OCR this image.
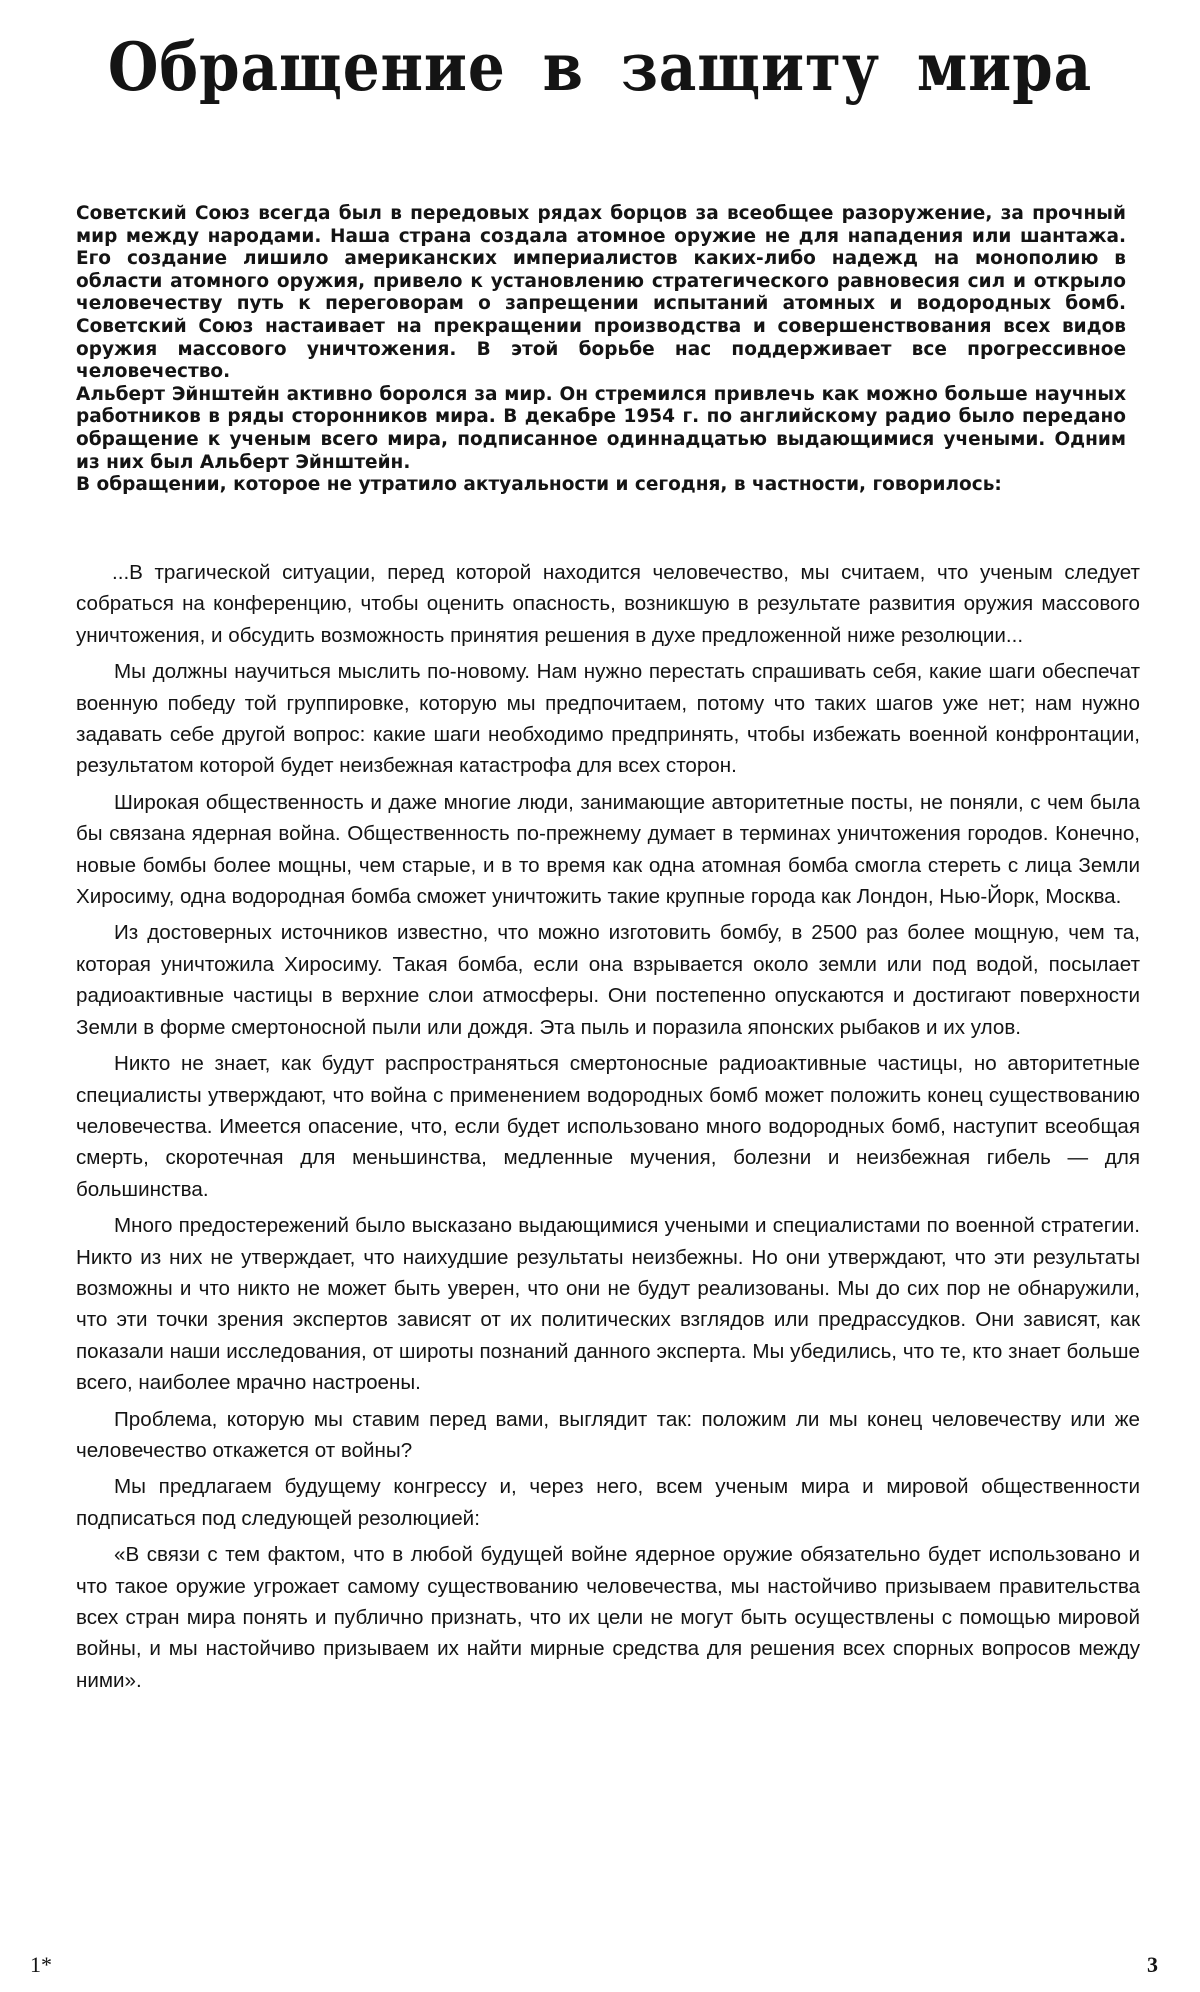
Обращение в защиту мира

Советский Союз всегда был в передовых рядах борцов за всеобщее разоружение, за прочный мир между народами. Наша страна создала атомное оружие не для нападения или шантажа. Его создание лишило американских империалистов каких-либо надежд на монополию в области атомного оружия, привело к установлению стратегического равновесия сил и открыло человечеству путь к переговорам о запрещении испытаний атомных и водородных бомб. Советский Союз настаивает на прекращении производства и совершенствования всех видов оружия массового уничтожения. В этой борьбе нас поддерживает все прогрессивное человечество.

Альберт Эйнштейн активно боролся за мир. Он стремился привлечь как можно больше научных работников в ряды сторонников мира. В декабре 1954 г. по английскому радио было передано обращение к ученым всего мира, подписанное одиннадцатью выдающимися учеными. Одним из них был Альберт Эйнштейн.

В обращении, которое не утратило актуальности и сегодня, в частности, говорилось:

...В трагической ситуации, перед которой находится человечество, мы считаем, что ученым следует собраться на конференцию, чтобы оценить опасность, возникшую в результате развития оружия массового уничтожения, и обсудить возможность принятия решения в духе предложенной ниже резолюции...

Мы должны научиться мыслить по-новому. Нам нужно перестать спрашивать себя, какие шаги обеспечат военную победу той группировке, которую мы предпочитаем, потому что таких шагов уже нет; нам нужно задавать себе другой вопрос: какие шаги необходимо предпринять, чтобы избежать военной конфронтации, результатом которой будет неизбежная катастрофа для всех сторон.

Широкая общественность и даже многие люди, занимающие авторитетные посты, не поняли, с чем была бы связана ядерная война. Общественность по-прежнему думает в терминах уничтожения городов. Конечно, новые бомбы более мощны, чем старые, и в то время как одна атомная бомба смогла стереть с лица Земли Хиросиму, одна водородная бомба сможет уничтожить такие крупные города как Лондон, Нью-Йорк, Москва.

Из достоверных источников известно, что можно изготовить бомбу, в 2500 раз более мощную, чем та, которая уничтожила Хиросиму. Такая бомба, если она взрывается около земли или под водой, посылает радиоактивные частицы в верхние слои атмосферы. Они постепенно опускаются и достигают поверхности Земли в форме смертоносной пыли или дождя. Эта пыль и поразила японских рыбаков и их улов.

Никто не знает, как будут распространяться смертоносные радиоактивные частицы, но авторитетные специалисты утверждают, что война с применением водородных бомб может положить конец существованию человечества. Имеется опасение, что, если будет использовано много водородных бомб, наступит всеобщая смерть, скоротечная для меньшинства, медленные мучения, болезни и неизбежная гибель — для большинства.

Много предостережений было высказано выдающимися учеными и специалистами по военной стратегии. Никто из них не утверждает, что наихудшие результаты неизбежны. Но они утверждают, что эти результаты возможны и что никто не может быть уверен, что они не будут реализованы. Мы до сих пор не обнаружили, что эти точки зрения экспертов зависят от их политических взглядов или предрассудков. Они зависят, как показали наши исследования, от широты познаний данного эксперта. Мы убедились, что те, кто знает больше всего, наиболее мрачно настроены.

Проблема, которую мы ставим перед вами, выглядит так: положим ли мы конец человечеству или же человечество откажется от войны?

Мы предлагаем будущему конгрессу и, через него, всем ученым мира и мировой общественности подписаться под следующей резолюцией:

«В связи с тем фактом, что в любой будущей войне ядерное оружие обязательно будет использовано и что такое оружие угрожает самому существованию человечества, мы настойчиво призываем правительства всех стран мира понять и публично признать, что их цели не могут быть осуществлены с помощью мировой войны, и мы настойчиво призываем их найти мирные средства для решения всех спорных вопросов между ними».

1*	3
